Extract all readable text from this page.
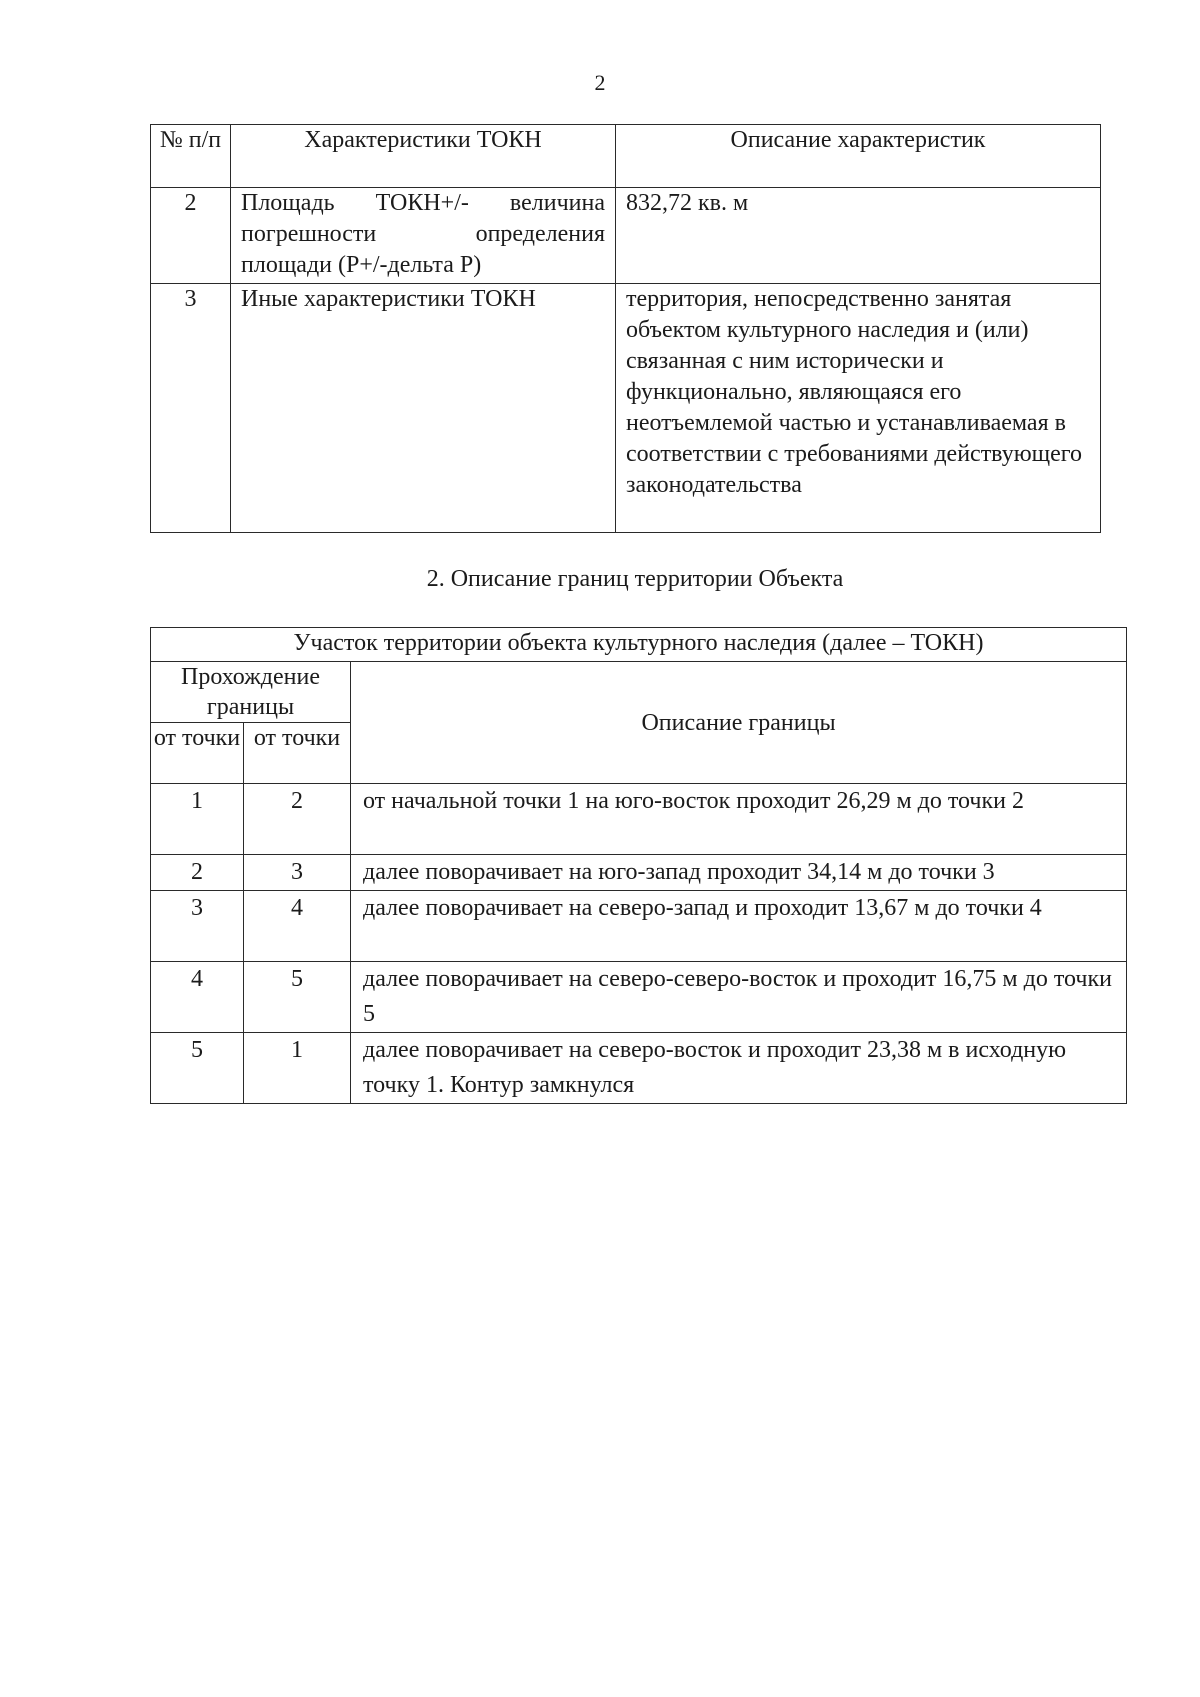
2
№ п/п	Характеристики ТОКН	Описание характеристик
2	Площадь ТОКН+/- величина погрешности определения площади (Р+/-дельта Р)	832,72 кв. м
3	Иные характеристики ТОКН	территория, непосредственно занятая объектом культурного наследия и (или) связанная с ним исторически и функционально, являющаяся его неотъемлемой частью и устанавливаемая в соответствии с требованиями действующего законодательства
2. Описание границ территории Объекта
Участок территории объекта культурного наследия (далее – ТОКН)		
Прохождение границы		Описание границы
от точки	от точки	
1	2	от начальной точки 1 на юго-восток проходит 26,29 м до точки 2
2	3	далее поворачивает на юго-запад проходит 34,14 м до точки 3
3	4	далее поворачивает на северо-запад и проходит 13,67 м до точки 4
4	5	далее поворачивает на северо-северо-восток и проходит 16,75 м до точки 5
5	1	далее поворачивает на северо-восток и проходит 23,38 м в исходную точку 1. Контур замкнулся
